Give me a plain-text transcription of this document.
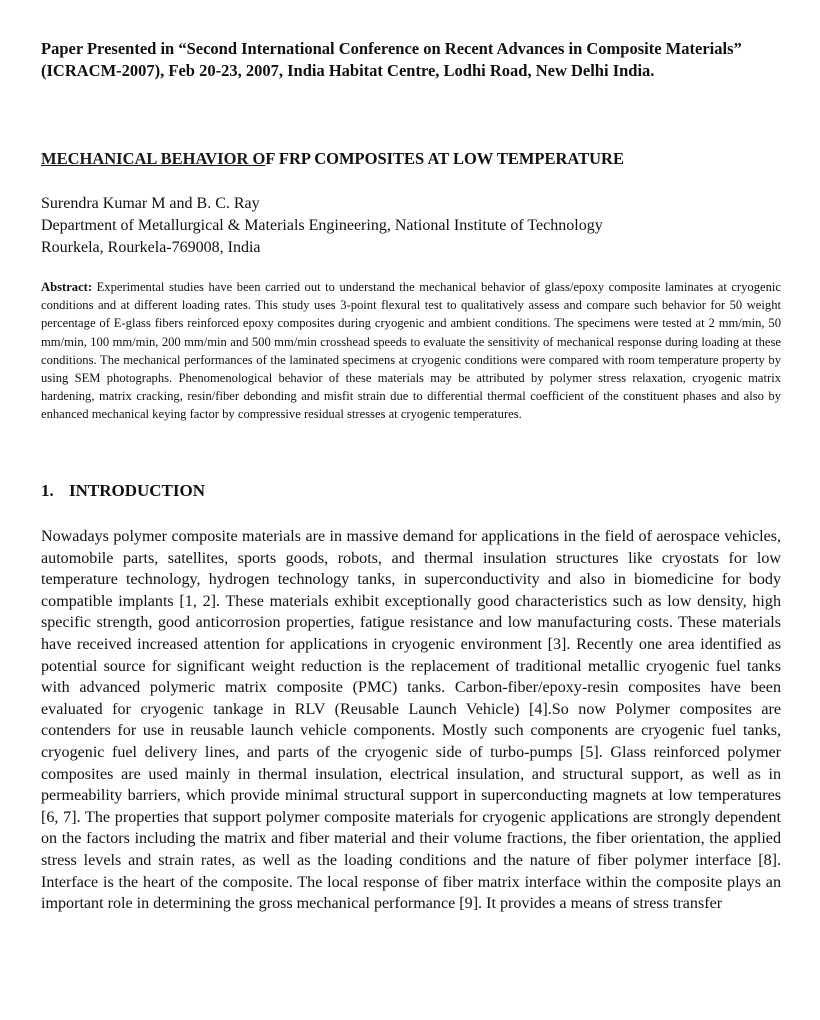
Paper Presented in “Second International Conference on Recent Advances in Composite Materials” (ICRACM-2007), Feb 20-23, 2007, India Habitat Centre, Lodhi Road, New Delhi India.

MECHANICAL BEHAVIOR OF FRP COMPOSITES AT LOW TEMPERATURE

Surendra Kumar M and B. C. Ray

Department of Metallurgical & Materials Engineering, National Institute of Technology
Rourkela, Rourkela-769008, India

Abstract: Experimental studies have been carried out to understand the mechanical behavior of glass/epoxy composite laminates at cryogenic conditions and at different loading rates. This study uses 3-point flexural test to qualitatively assess and compare such behavior for 50 weight percentage of E-glass fibers reinforced epoxy composites during cryogenic and ambient conditions. The specimens were tested at 2 mm/min, 50 mm/min, 100 mm/min, 200 mm/min and 500 mm/min crosshead speeds to evaluate the sensitivity of mechanical response during loading at these conditions. The mechanical performances of the laminated specimens at cryogenic conditions were compared with room temperature property by using SEM photographs. Phenomenological behavior of these materials may be attributed by polymer stress relaxation, cryogenic matrix hardening, matrix cracking, resin/fiber debonding and misfit strain due to differential thermal coefficient of the constituent phases and also by enhanced mechanical keying factor by compressive residual stresses at cryogenic temperatures.

1. INTRODUCTION

Nowadays polymer composite materials are in massive demand for applications in the field of aerospace vehicles, automobile parts, satellites, sports goods, robots, and thermal insulation structures like cryostats for low temperature technology, hydrogen technology tanks, in superconductivity and also in biomedicine for body compatible implants [1, 2]. These materials exhibit exceptionally good characteristics such as low density, high specific strength, good anticorrosion properties, fatigue resistance and low manufacturing costs. These materials have received increased attention for applications in cryogenic environment [3]. Recently one area identified as potential source for significant weight reduction is the replacement of traditional metallic cryogenic fuel tanks with advanced polymeric matrix composite (PMC) tanks. Carbon-fiber/epoxy-resin composites have been evaluated for cryogenic tankage in RLV (Reusable Launch Vehicle) [4].So now Polymer composites are contenders for use in reusable launch vehicle components. Mostly such components are cryogenic fuel tanks, cryogenic fuel delivery lines, and parts of the cryogenic side of turbo-pumps [5]. Glass reinforced polymer composites are used mainly in thermal insulation, electrical insulation, and structural support, as well as in permeability barriers, which provide minimal structural support in superconducting magnets at low temperatures [6, 7]. The properties that support polymer composite materials for cryogenic applications are strongly dependent on the factors including the matrix and fiber material and their volume fractions, the fiber orientation, the applied stress levels and strain rates, as well as the loading conditions and the nature of fiber polymer interface [8]. Interface is the heart of the composite. The local response of fiber matrix interface within the composite plays an important role in determining the gross mechanical performance [9]. It provides a means of stress transfer
